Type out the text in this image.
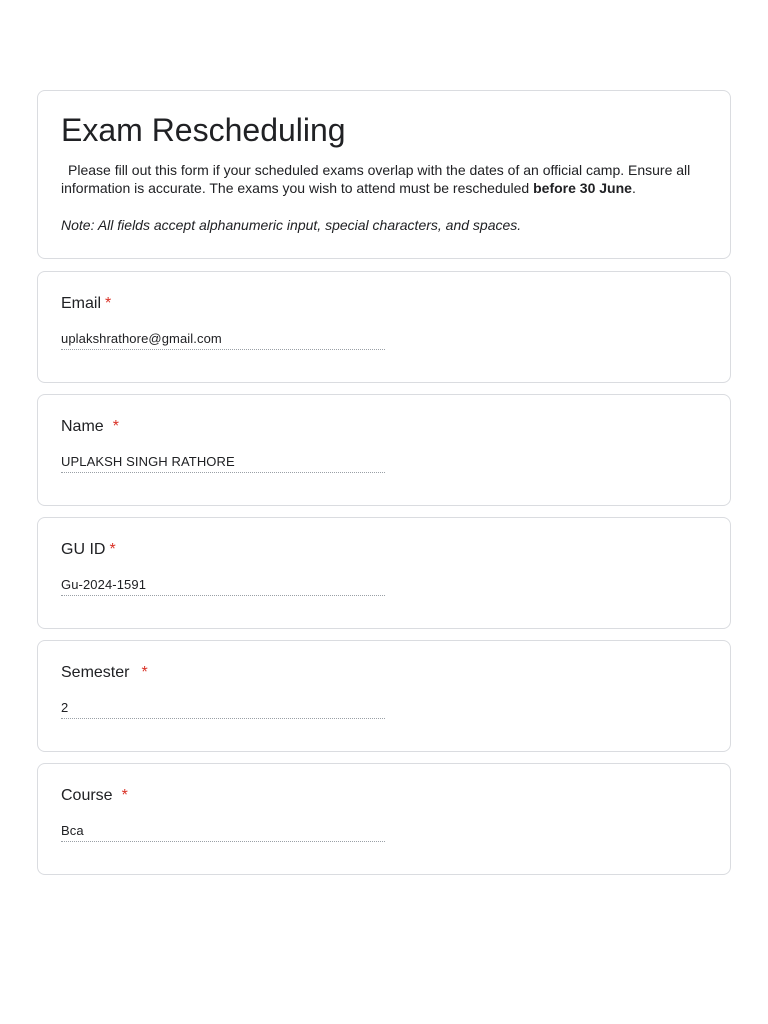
Exam Rescheduling
Please fill out this form if your scheduled exams overlap with the dates of an official camp. Ensure all information is accurate. The exams you wish to attend must be rescheduled before 30 June.
Note: All fields accept alphanumeric input, special characters, and spaces.
Email *
uplakshrathore@gmail.com
Name *
UPLAKSH SINGH RATHORE
GU ID *
Gu-2024-1591
Semester *
2
Course *
Bca
